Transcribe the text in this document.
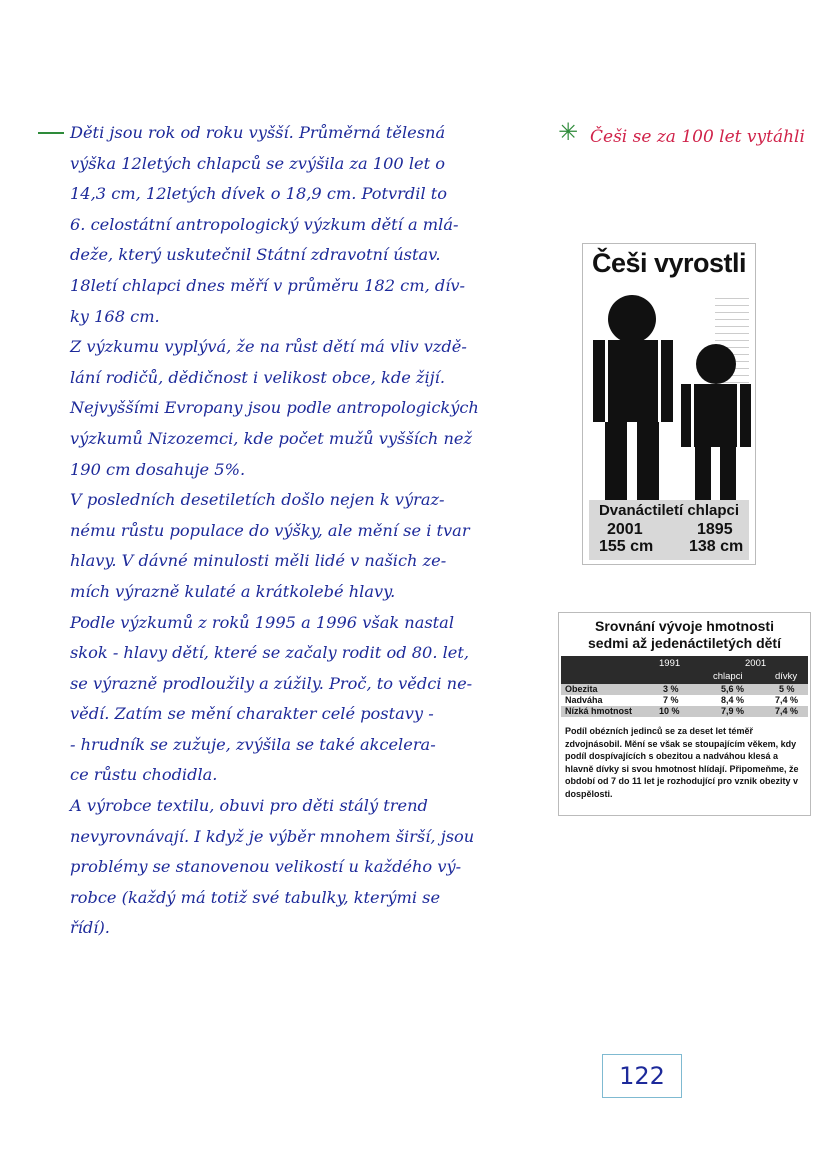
Děti jsou rok od roku vyšší. Průměrná tělesná
výška 12letých chlapců se zvýšila za 100 let o
14,3 cm, 12letých dívek o 18,9 cm. Potvrdil to
6. celostátní antropologický výzkum dětí a mlá-
deže, který uskutečnil Státní zdravotní ústav.
18letí chlapci dnes měří v průměru 182 cm, dív-
ky 168 cm.
Z výzkumu vyplývá, že na růst dětí má vliv vzdě-
lání rodičů, dědičnost i velikost obce, kde žijí.
Nejvyššími Evropany jsou podle antropologických
výzkumů Nizozemci, kde počet mužů vyšších než
190 cm dosahuje 5%.
V posledních desetiletích došlo nejen k výraz-
nému růstu populace do výšky, ale mění se i tvar
hlavy. V dávné minulosti měli lidé v našich ze-
mích výrazně kulaté a krátkolebé hlavy.
Podle výzkumů z roků 1995 a 1996 však nastal
skok - hlavy dětí, které se začaly rodit od 80. let,
se výrazně prodloužily a zúžily. Proč, to vědci ne-
vědí. Zatím se mění charakter celé postavy -
- hrudník se zužuje, zvýšila se také akcelera-
ce růstu chodidla.
A výrobce textilu, obuvi pro děti stálý trend
nevyrovnávají. I když je výběr mnohem širší, jsou
problémy se stanovenou velikostí u každého vý-
robce (každý má totiž své tabulky, kterými se
řídí).
✳ Češi se za 100 let vytáhli
Češi vyrostli
Dvanáctiletí chlapci
2001	1895
155 cm 138 cm
Srovnání vývoje hmotnosti
sedmi až jedenáctiletých dětí
1991	2001
chlapci	dívky
Obezita	3 %	5,6 %	5 %
Nadváha	7 %	8,4 %	7,4 %
Nízká hmotnost	10 %	7,9 %	7,4 %
Podíl obézních jedinců se za deset let téměř zdvojnásobil. Mění se však se stoupajícím věkem, kdy podíl dospívajících s obezitou a nadváhou klesá a hlavně dívky si svou hmotnost hlídají. Připomeňme, že období od 7 do 11 let je rozhodující pro vznik obezity v dospělosti.
122
